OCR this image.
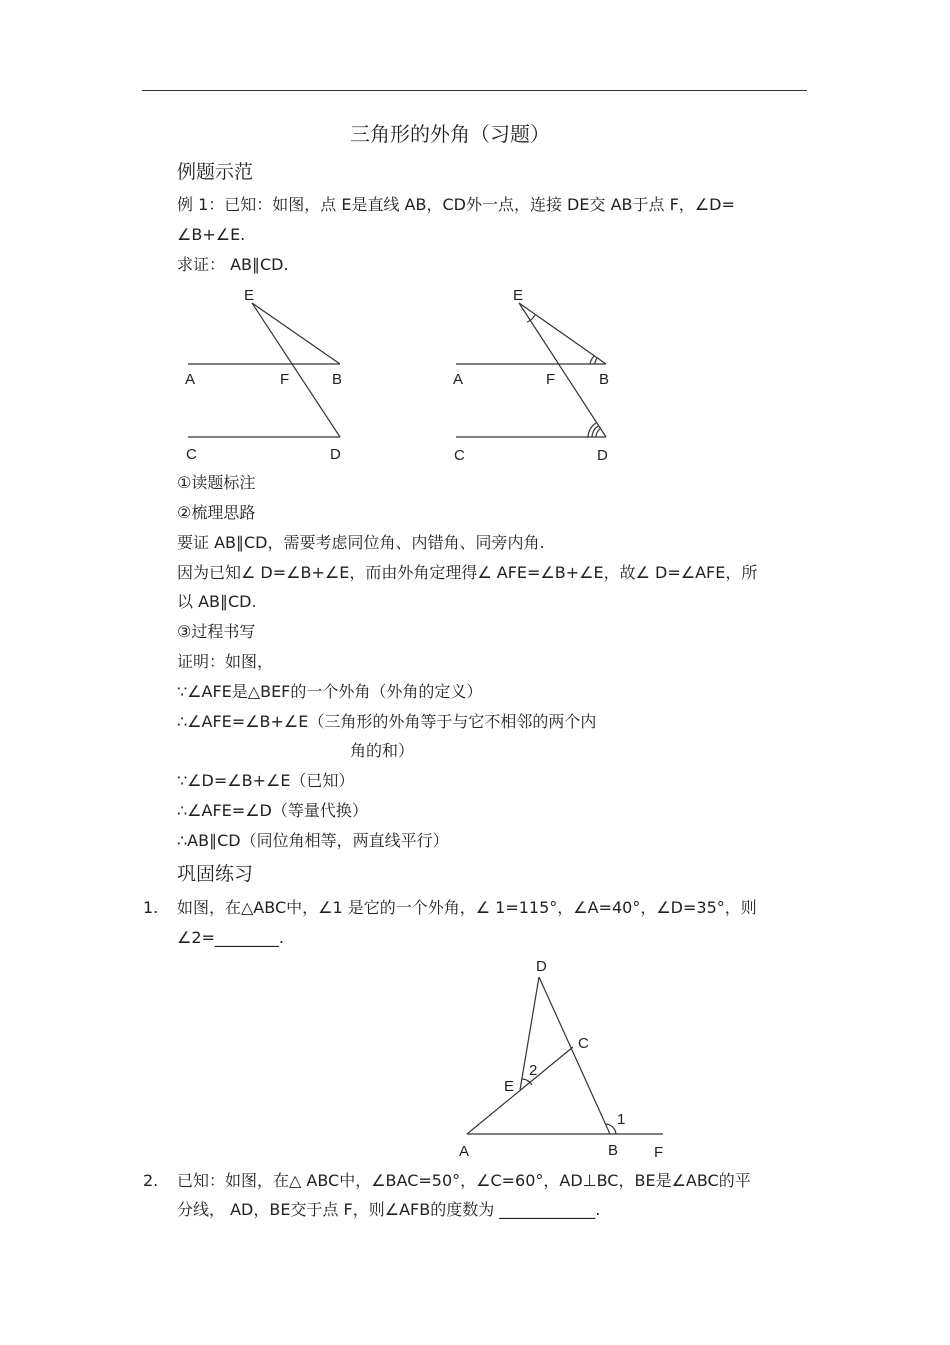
三角形的外角（习题）
例题示范
例 1：已知：如图，点 E是直线 AB，CD外一点，连接 DE交 AB于点 F，∠D=
∠B+∠E.
求证： AB∥CD.
E
A	F	B
C	D
E
A	F	B
C	D
①读题标注
②梳理思路
要证 AB∥CD，需要考虑同位角、内错角、同旁内角.
因为已知∠ D=∠B+∠E，而由外角定理得∠ AFE=∠B+∠E，故∠ D=∠AFE，所
以 AB∥CD.
③过程书写
证明：如图，
∵∠AFE是△BEF的一个外角（外角的定义）
∴∠AFE=∠B+∠E（三角形的外角等于与它不相邻的两个内
角的和）
∵∠D=∠B+∠E（已知）
∴∠AFE=∠D（等量代换）
∴AB∥CD（同位角相等，两直线平行）
巩固练习
1. 如图，在△ABC中，∠1 是它的一个外角，∠ 1=115°，∠A=40°，∠D=35°，则
∠2=________.
D
C
E
2
1
A	B F
2. 已知：如图，在△ ABC中，∠BAC=50°，∠C=60°，AD⊥BC，BE是∠ABC的平
分线， AD，BE交于点 F，则∠AFB的度数为 ____________.
